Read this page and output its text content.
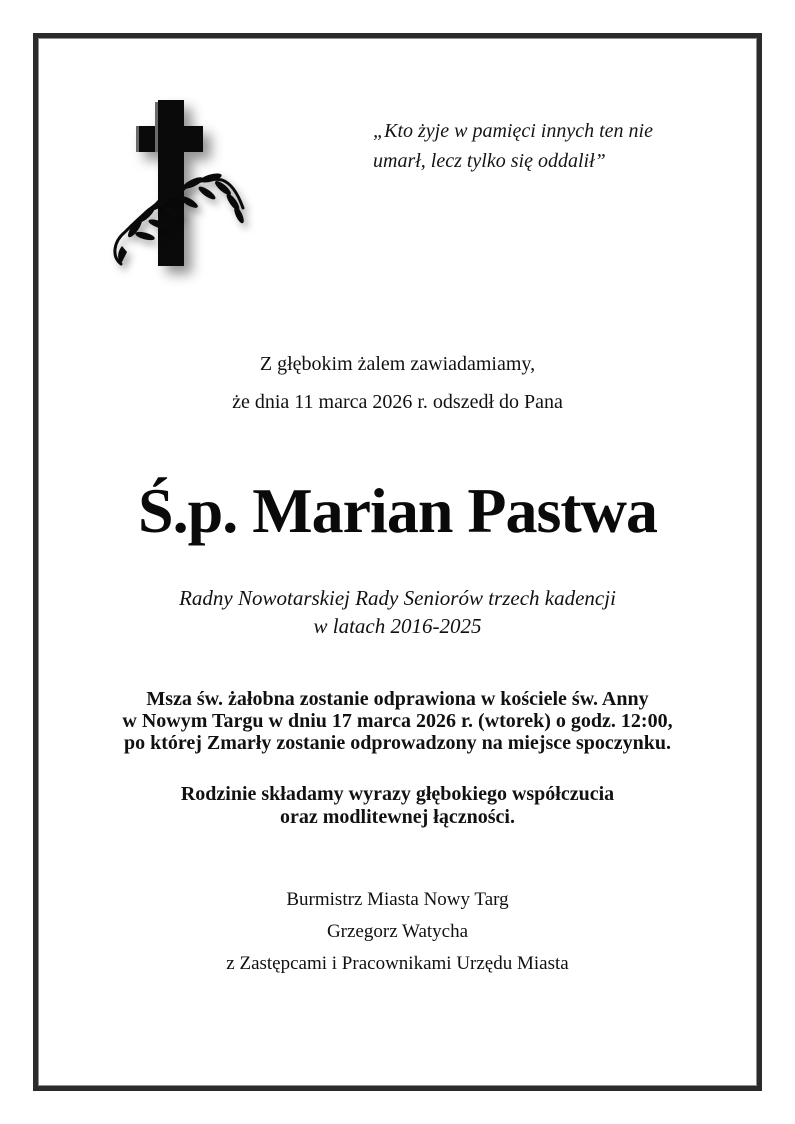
„Kto żyje w pamięci innych ten nie
umarł, lecz tylko się oddalił”
Z głębokim żalem zawiadamiamy,
że dnia 11 marca 2026 r. odszedł do Pana
Ś.p. Marian Pastwa
Radny Nowotarskiej Rady Seniorów trzech kadencji
w latach 2016-2025
Msza św. żałobna zostanie odprawiona w kościele św. Anny
w Nowym Targu w dniu 17 marca 2026 r. (wtorek) o godz. 12:00,
po której Zmarły zostanie odprowadzony na miejsce spoczynku.
Rodzinie składamy wyrazy głębokiego współczucia
oraz modlitewnej łączności.
Burmistrz Miasta Nowy Targ
Grzegorz Watycha
z Zastępcami i Pracownikami Urzędu Miasta
